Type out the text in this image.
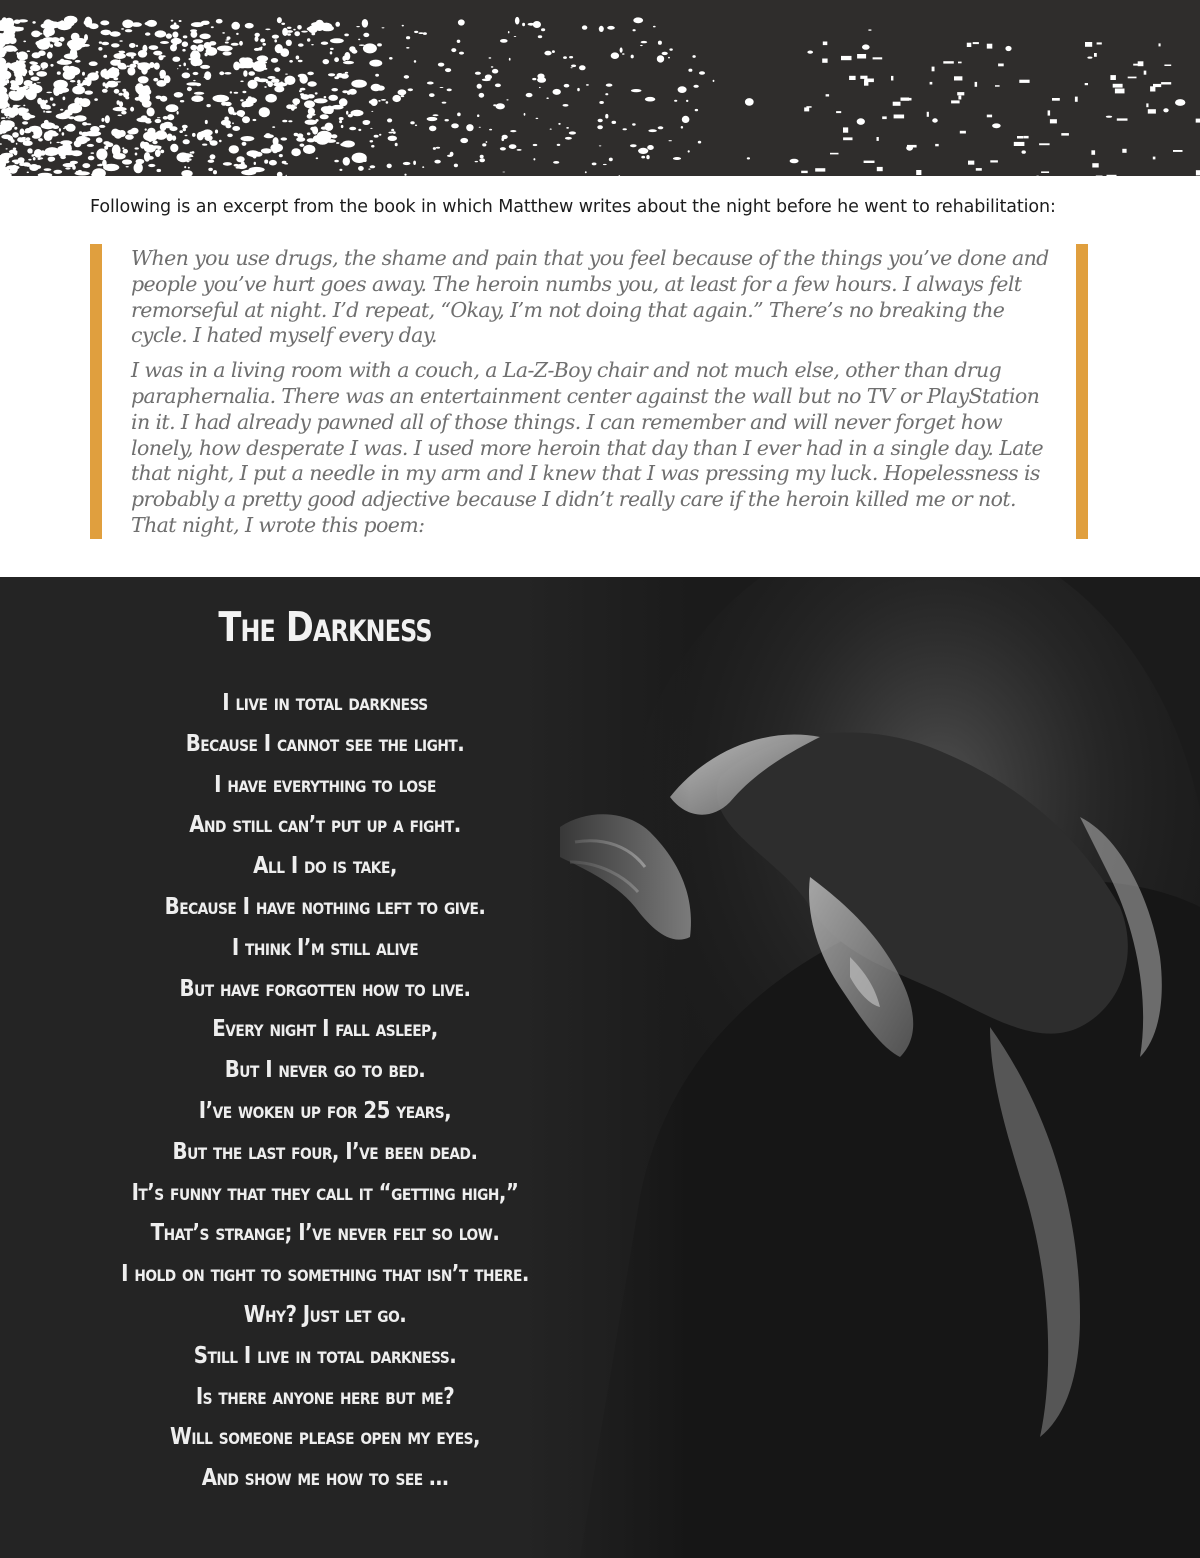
Following is an excerpt from the book in which Matthew writes about the night before he went to rehabilitation:

When you use drugs, the shame and pain that you feel because of the things you’ve done and people you’ve hurt goes away. The heroin numbs you, at least for a few hours. I always felt remorseful at night. I’d repeat, “Okay, I’m not doing that again.” There’s no breaking the cycle. I hated myself every day.

I was in a living room with a couch, a La-Z-Boy chair and not much else, other than drug paraphernalia. There was an entertainment center against the wall but no TV or PlayStation in it. I had already pawned all of those things. I can remember and will never forget how lonely, how desperate I was. I used more heroin that day than I ever had in a single day. Late that night, I put a needle in my arm and I knew that I was pressing my luck. Hopelessness is probably a pretty good adjective because I didn’t really care if the heroin killed me or not. That night, I wrote this poem:

The Darkness
I live in total darkness
Because I cannot see the light.
I have everything to lose
And still can’t put up a fight.
All I do is take,
Because I have nothing left to give.
I think I’m still alive
But have forgotten how to live.
Every night I fall asleep,
But I never go to bed.
I’ve woken up for 25 years,
But the last four, I’ve been dead.
It’s funny that they call it “getting high,”
That’s strange; I’ve never felt so low.
I hold on tight to something that isn’t there.
Why? Just let go.
Still I live in total darkness.
Is there anyone here but me?
Will someone please open my eyes,
And show me how to see …
